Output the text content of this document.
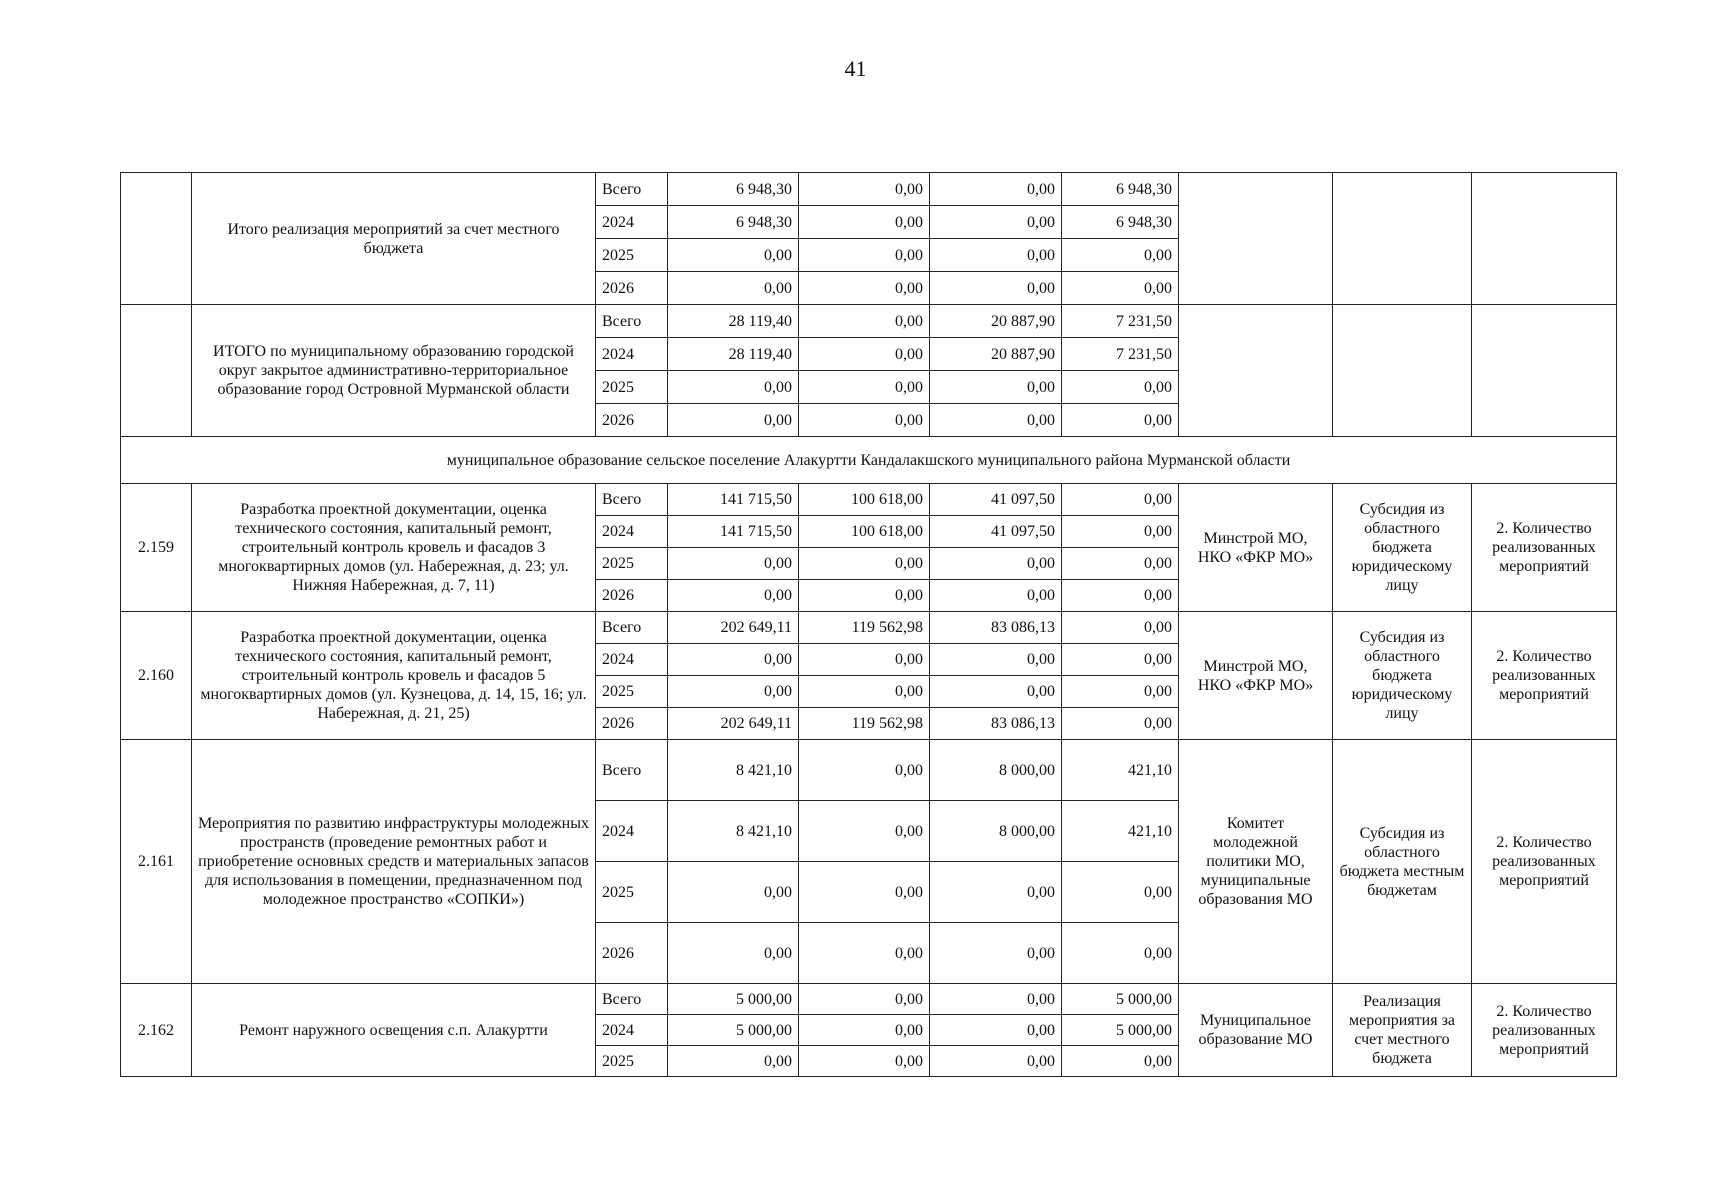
41
	Итого реализация мероприятий за счет местного бюджета	Всего	6 948,30	0,00	0,00	6 948,30			
		2024	6 948,30	0,00	0,00	6 948,30			
		2025	0,00	0,00	0,00	0,00			
		2026	0,00	0,00	0,00	0,00			
	ИТОГО по муниципальному образованию городской округ закрытое административно-территориальное образование город Островной Мурманской области	Всего	28 119,40	0,00	20 887,90	7 231,50			
		2024	28 119,40	0,00	20 887,90	7 231,50			
		2025	0,00	0,00	0,00	0,00			
		2026	0,00	0,00	0,00	0,00			
муниципальное образование сельское поселение Алакуртти Кандалакшского муниципального района Мурманской области									
2.159	Разработка проектной документации, оценка технического состояния, капитальный ремонт, строительный контроль кровель и фасадов 3 многоквартирных домов (ул. Набережная, д. 23; ул. Нижняя Набережная, д. 7, 11)	Всего	141 715,50	100 618,00	41 097,50	0,00	Минстрой МО, НКО «ФКР МО»	Субсидия из областного бюджета юридическому лицу	2. Количество реализованных мероприятий
		2024	141 715,50	100 618,00	41 097,50	0,00			
		2025	0,00	0,00	0,00	0,00			
		2026	0,00	0,00	0,00	0,00			
2.160	Разработка проектной документации, оценка технического состояния, капитальный ремонт, строительный контроль кровель и фасадов 5 многоквартирных домов (ул. Кузнецова, д. 14, 15, 16; ул. Набережная, д. 21, 25)	Всего	202 649,11	119 562,98	83 086,13	0,00	Минстрой МО, НКО «ФКР МО»	Субсидия из областного бюджета юридическому лицу	2. Количество реализованных мероприятий
		2024	0,00	0,00	0,00	0,00			
		2025	0,00	0,00	0,00	0,00			
		2026	202 649,11	119 562,98	83 086,13	0,00			
2.161	Мероприятия по развитию инфраструктуры молодежных пространств (проведение ремонтных работ и приобретение основных средств и материальных запасов для использования в помещении, предназначенном под молодежное пространство «СОПКИ»)	Всего	8 421,10	0,00	8 000,00	421,10	Комитет молодежной политики МО, муниципальные образования МО	Субсидия из областного бюджета местным бюджетам	2. Количество реализованных мероприятий
		2024	8 421,10	0,00	8 000,00	421,10			
		2025	0,00	0,00	0,00	0,00			
		2026	0,00	0,00	0,00	0,00			
2.162	Ремонт наружного освещения с.п. Алакуртти	Всего	5 000,00	0,00	0,00	5 000,00	Муниципальное образование МО	Реализация мероприятия за счет местного бюджета	2. Количество реализованных мероприятий
		2024	5 000,00	0,00	0,00	5 000,00			
		2025	0,00	0,00	0,00	0,00			
